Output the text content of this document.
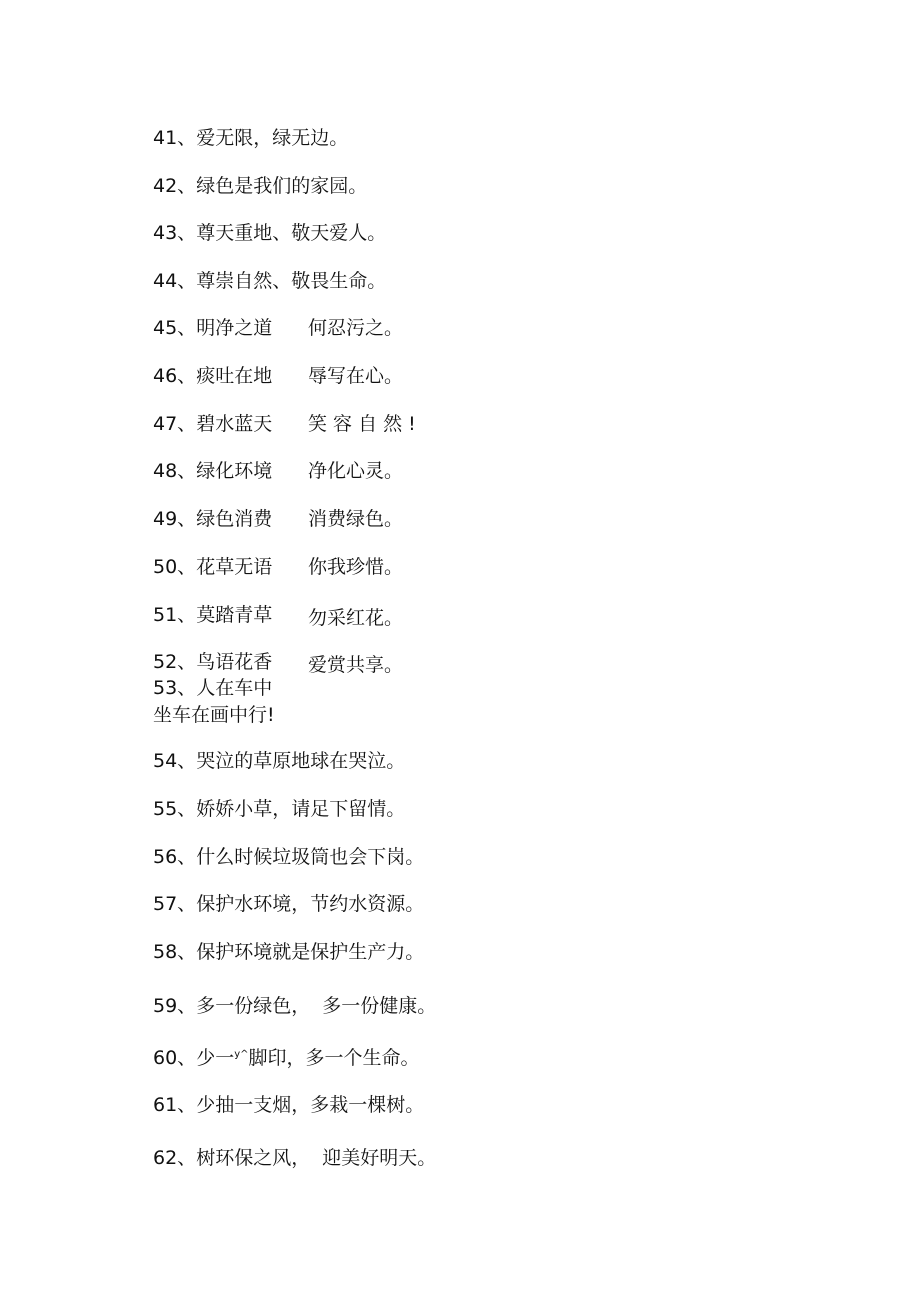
41、爱无限，绿无边。
42、绿色是我们的家园。
43、尊天重地、敬天爱人。
44、尊崇自然、敬畏生命。
45、明净之道 何忍污之。
46、痰吐在地 辱写在心。
47、碧水蓝天 笑 容 自 然 !
48、绿化环境 净化心灵。
49、绿色消费 消费绿色。
50、花草无语 你我珍惜。
51、莫踏青草 勿采红花。
52、鸟语花香 爱赏共享。
53、人在车中
坐车在画中行!
54、哭泣的草原地球在哭泣。
55、娇娇小草，请足下留情。
56、什么时候垃圾筒也会下岗。
57、保护水环境，节约水资源。
58、保护环境就是保护生产力。
59、多一份绿色，  多一份健康。
60、少一$^{y\^{}}$脚印，多一个生命。
61、少抽一支烟，多栽一棵树。
62、树环保之风，  迎美好明天。
